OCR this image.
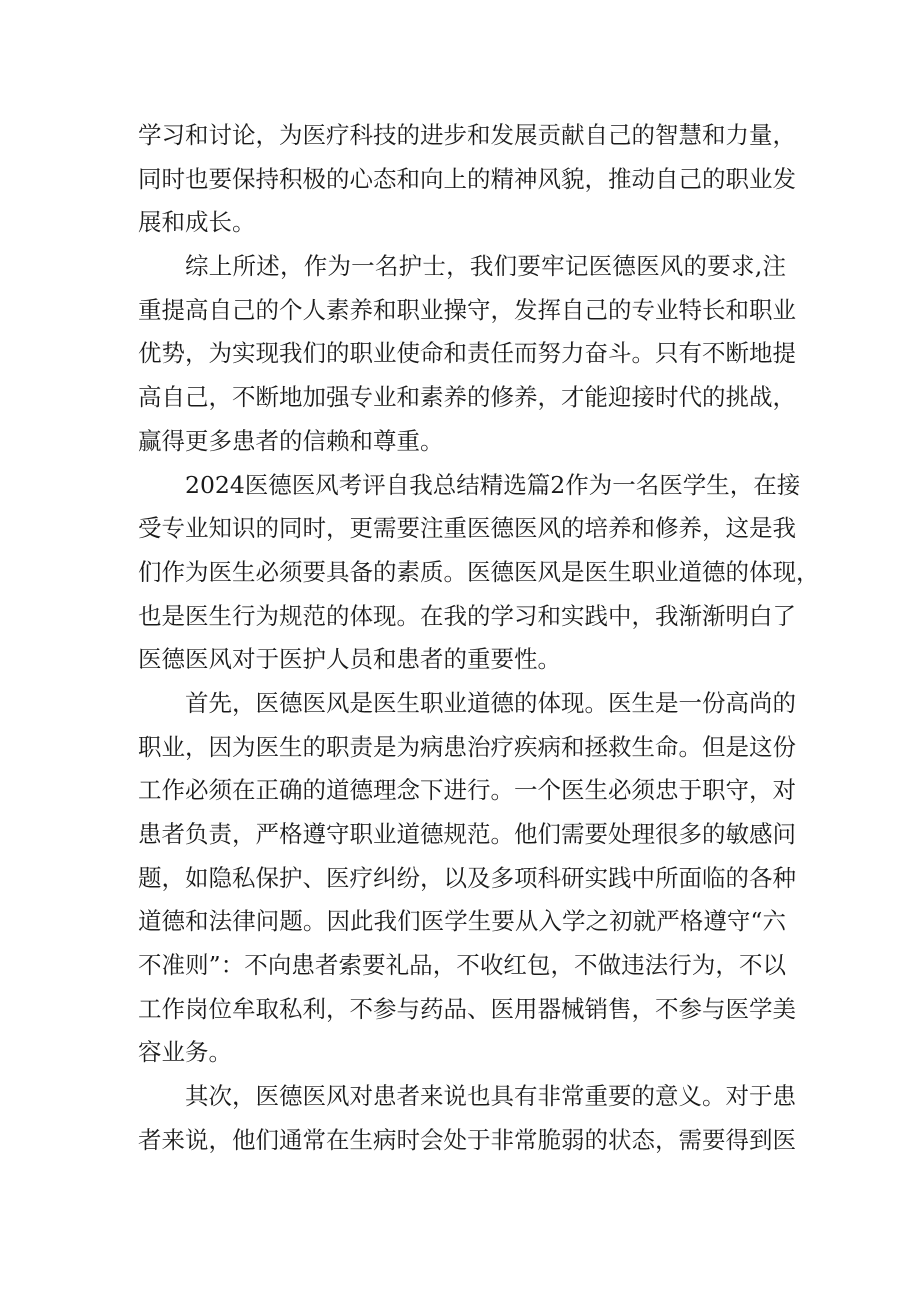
学习和讨论，为医疗科技的进步和发展贡献自己的智慧和力量，
同时也要保持积极的心态和向上的精神风貌，推动自己的职业发
展和成长。

综上所述，作为一名护士，我们要牢记医德医风的要求,注
重提高自己的个人素养和职业操守，发挥自己的专业特长和职业
优势，为实现我们的职业使命和责任而努力奋斗。只有不断地提
高自己，不断地加强专业和素养的修养，才能迎接时代的挑战，
赢得更多患者的信赖和尊重。

2024医德医风考评自我总结精选篇2作为一名医学生，在接
受专业知识的同时，更需要注重医德医风的培养和修养，这是我
们作为医生必须要具备的素质。医德医风是医生职业道德的体现，
也是医生行为规范的体现。在我的学习和实践中，我渐渐明白了
医德医风对于医护人员和患者的重要性。

首先，医德医风是医生职业道德的体现。医生是一份高尚的
职业，因为医生的职责是为病患治疗疾病和拯救生命。但是这份
工作必须在正确的道德理念下进行。一个医生必须忠于职守，对
患者负责，严格遵守职业道德规范。他们需要处理很多的敏感问
题，如隐私保护、医疗纠纷，以及多项科研实践中所面临的各种
道德和法律问题。因此我们医学生要从入学之初就严格遵守“六
不准则”：不向患者索要礼品，不收红包，不做违法行为，不以
工作岗位牟取私利，不参与药品、医用器械销售，不参与医学美
容业务。

其次，医德医风对患者来说也具有非常重要的意义。对于患
者来说，他们通常在生病时会处于非常脆弱的状态，需要得到医
